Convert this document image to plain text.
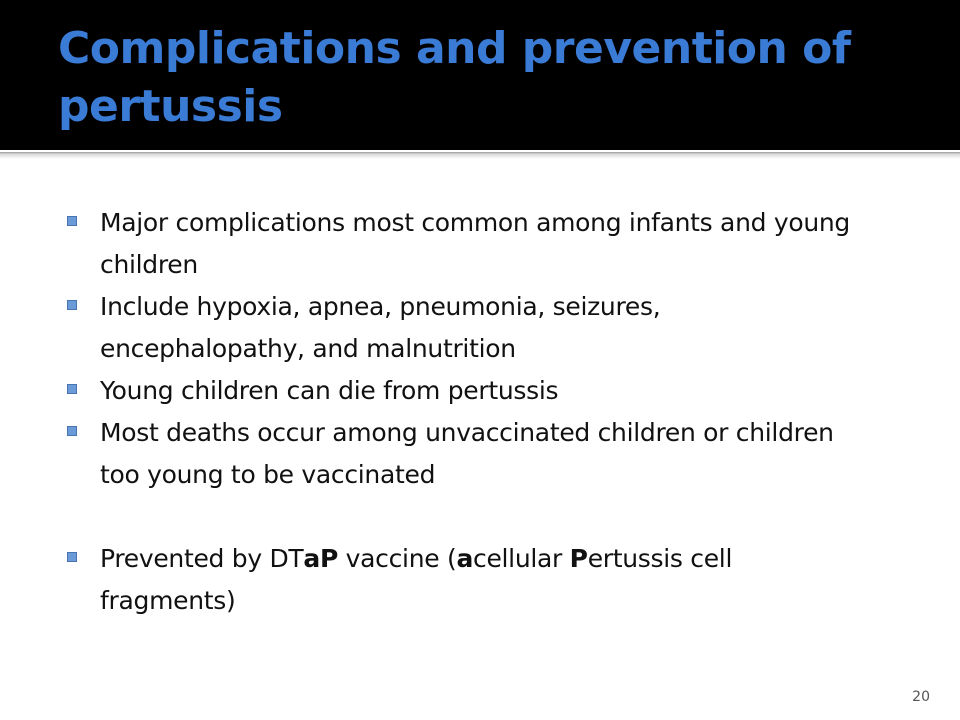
Complications and prevention of pertussis
Major complications most common among infants and young children
Include hypoxia, apnea, pneumonia, seizures, encephalopathy, and malnutrition
Young children can die from pertussis
Most deaths occur among unvaccinated children or children too young to be vaccinated
Prevented by DTaP vaccine (acellular Pertussis cell fragments)
20
